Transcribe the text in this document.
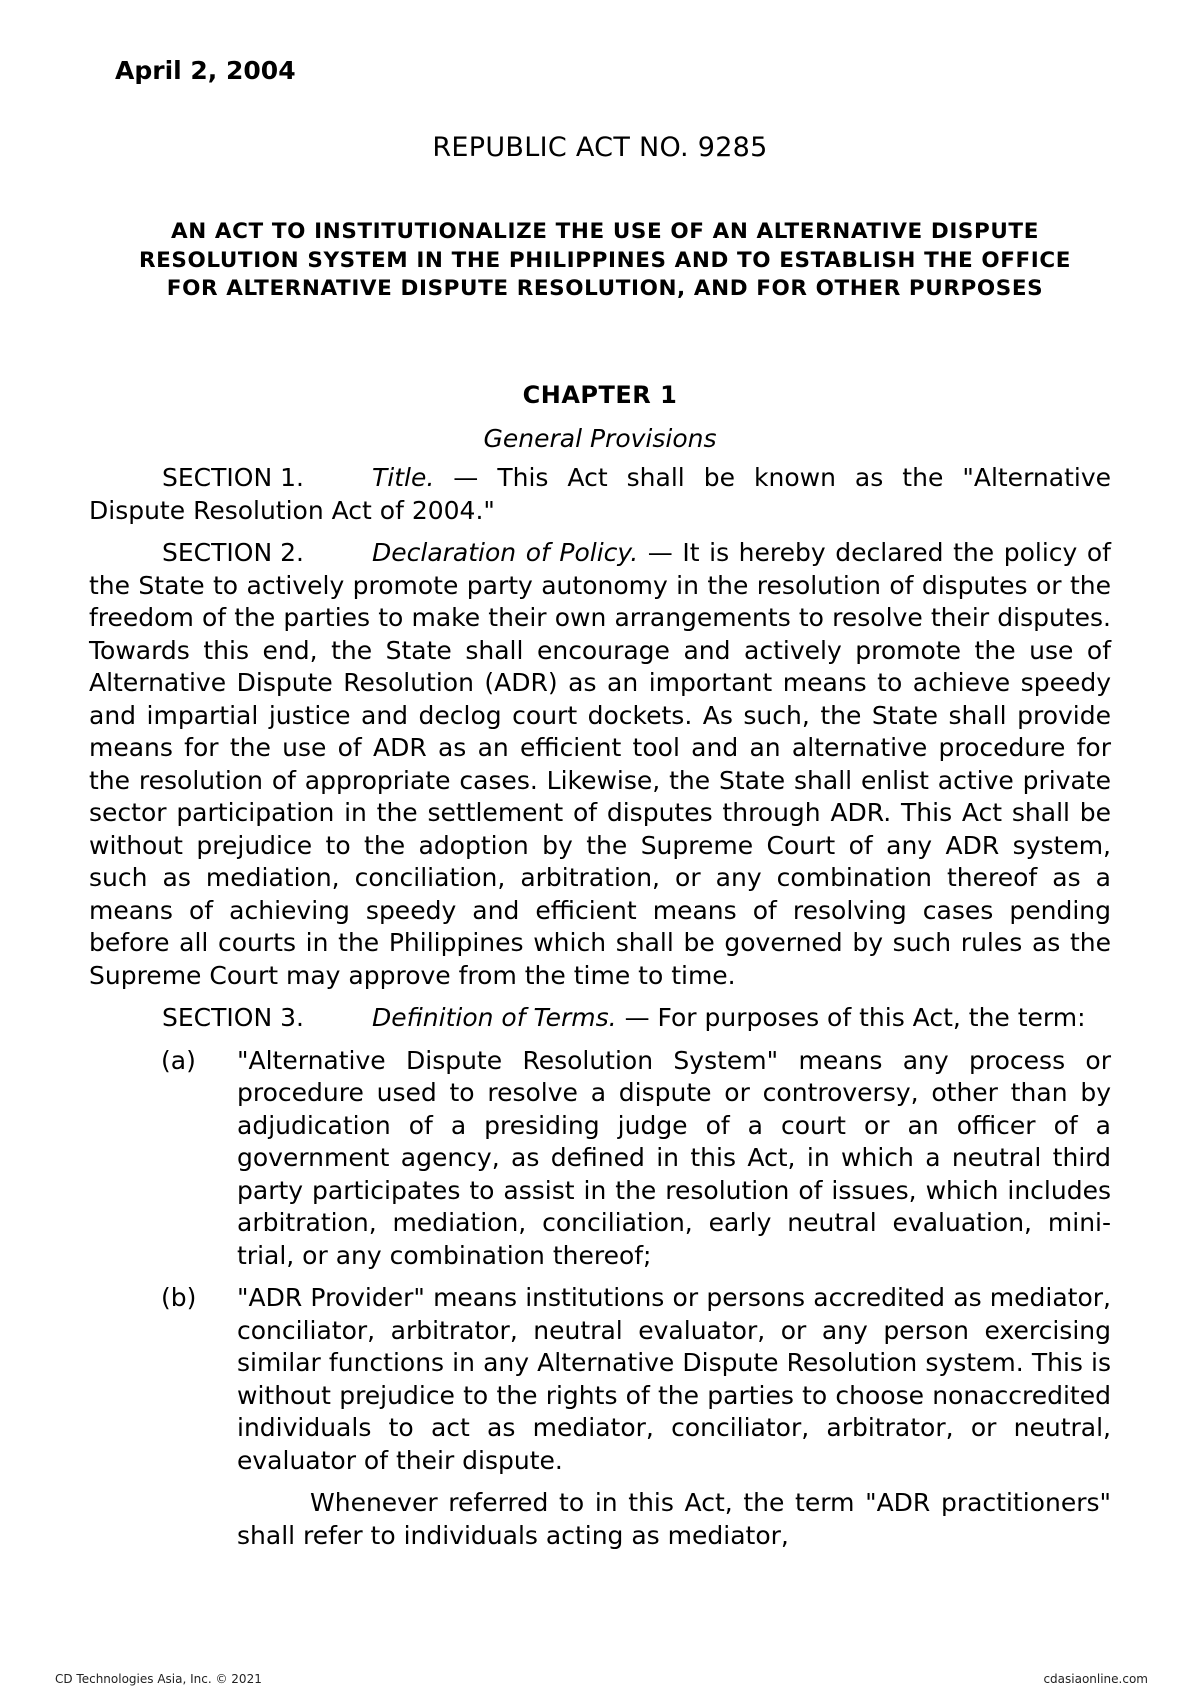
April 2, 2004
REPUBLIC ACT NO. 9285
AN ACT TO INSTITUTIONALIZE THE USE OF AN ALTERNATIVE DISPUTE RESOLUTION SYSTEM IN THE PHILIPPINES AND TO ESTABLISH THE OFFICE FOR ALTERNATIVE DISPUTE RESOLUTION, AND FOR OTHER PURPOSES
CHAPTER 1
General Provisions

SECTION 1.	Title. — This Act shall be known as the "Alternative Dispute Resolution Act of 2004."

SECTION 2.	Declaration of Policy. — It is hereby declared the policy of the State to actively promote party autonomy in the resolution of disputes or the freedom of the parties to make their own arrangements to resolve their disputes. Towards this end, the State shall encourage and actively promote the use of Alternative Dispute Resolution (ADR) as an important means to achieve speedy and impartial justice and declog court dockets. As such, the State shall provide means for the use of ADR as an efficient tool and an alternative procedure for the resolution of appropriate cases. Likewise, the State shall enlist active private sector participation in the settlement of disputes through ADR. This Act shall be without prejudice to the adoption by the Supreme Court of any ADR system, such as mediation, conciliation, arbitration, or any combination thereof as a means of achieving speedy and efficient means of resolving cases pending before all courts in the Philippines which shall be governed by such rules as the Supreme Court may approve from the time to time.

SECTION 3.	Definition of Terms. — For purposes of this Act, the term:

(a) "Alternative Dispute Resolution System" means any process or procedure used to resolve a dispute or controversy, other than by adjudication of a presiding judge of a court or an officer of a government agency, as defined in this Act, in which a neutral third party participates to assist in the resolution of issues, which includes arbitration, mediation, conciliation, early neutral evaluation, mini-trial, or any combination thereof;
(b) "ADR Provider" means institutions or persons accredited as mediator, conciliator, arbitrator, neutral evaluator, or any person exercising similar functions in any Alternative Dispute Resolution system. This is without prejudice to the rights of the parties to choose nonaccredited individuals to act as mediator, conciliator, arbitrator, or neutral, evaluator of their dispute.

Whenever referred to in this Act, the term "ADR practitioners" shall refer to individuals acting as mediator,

CD Technologies Asia, Inc. © 2021	cdasiaonline.com
